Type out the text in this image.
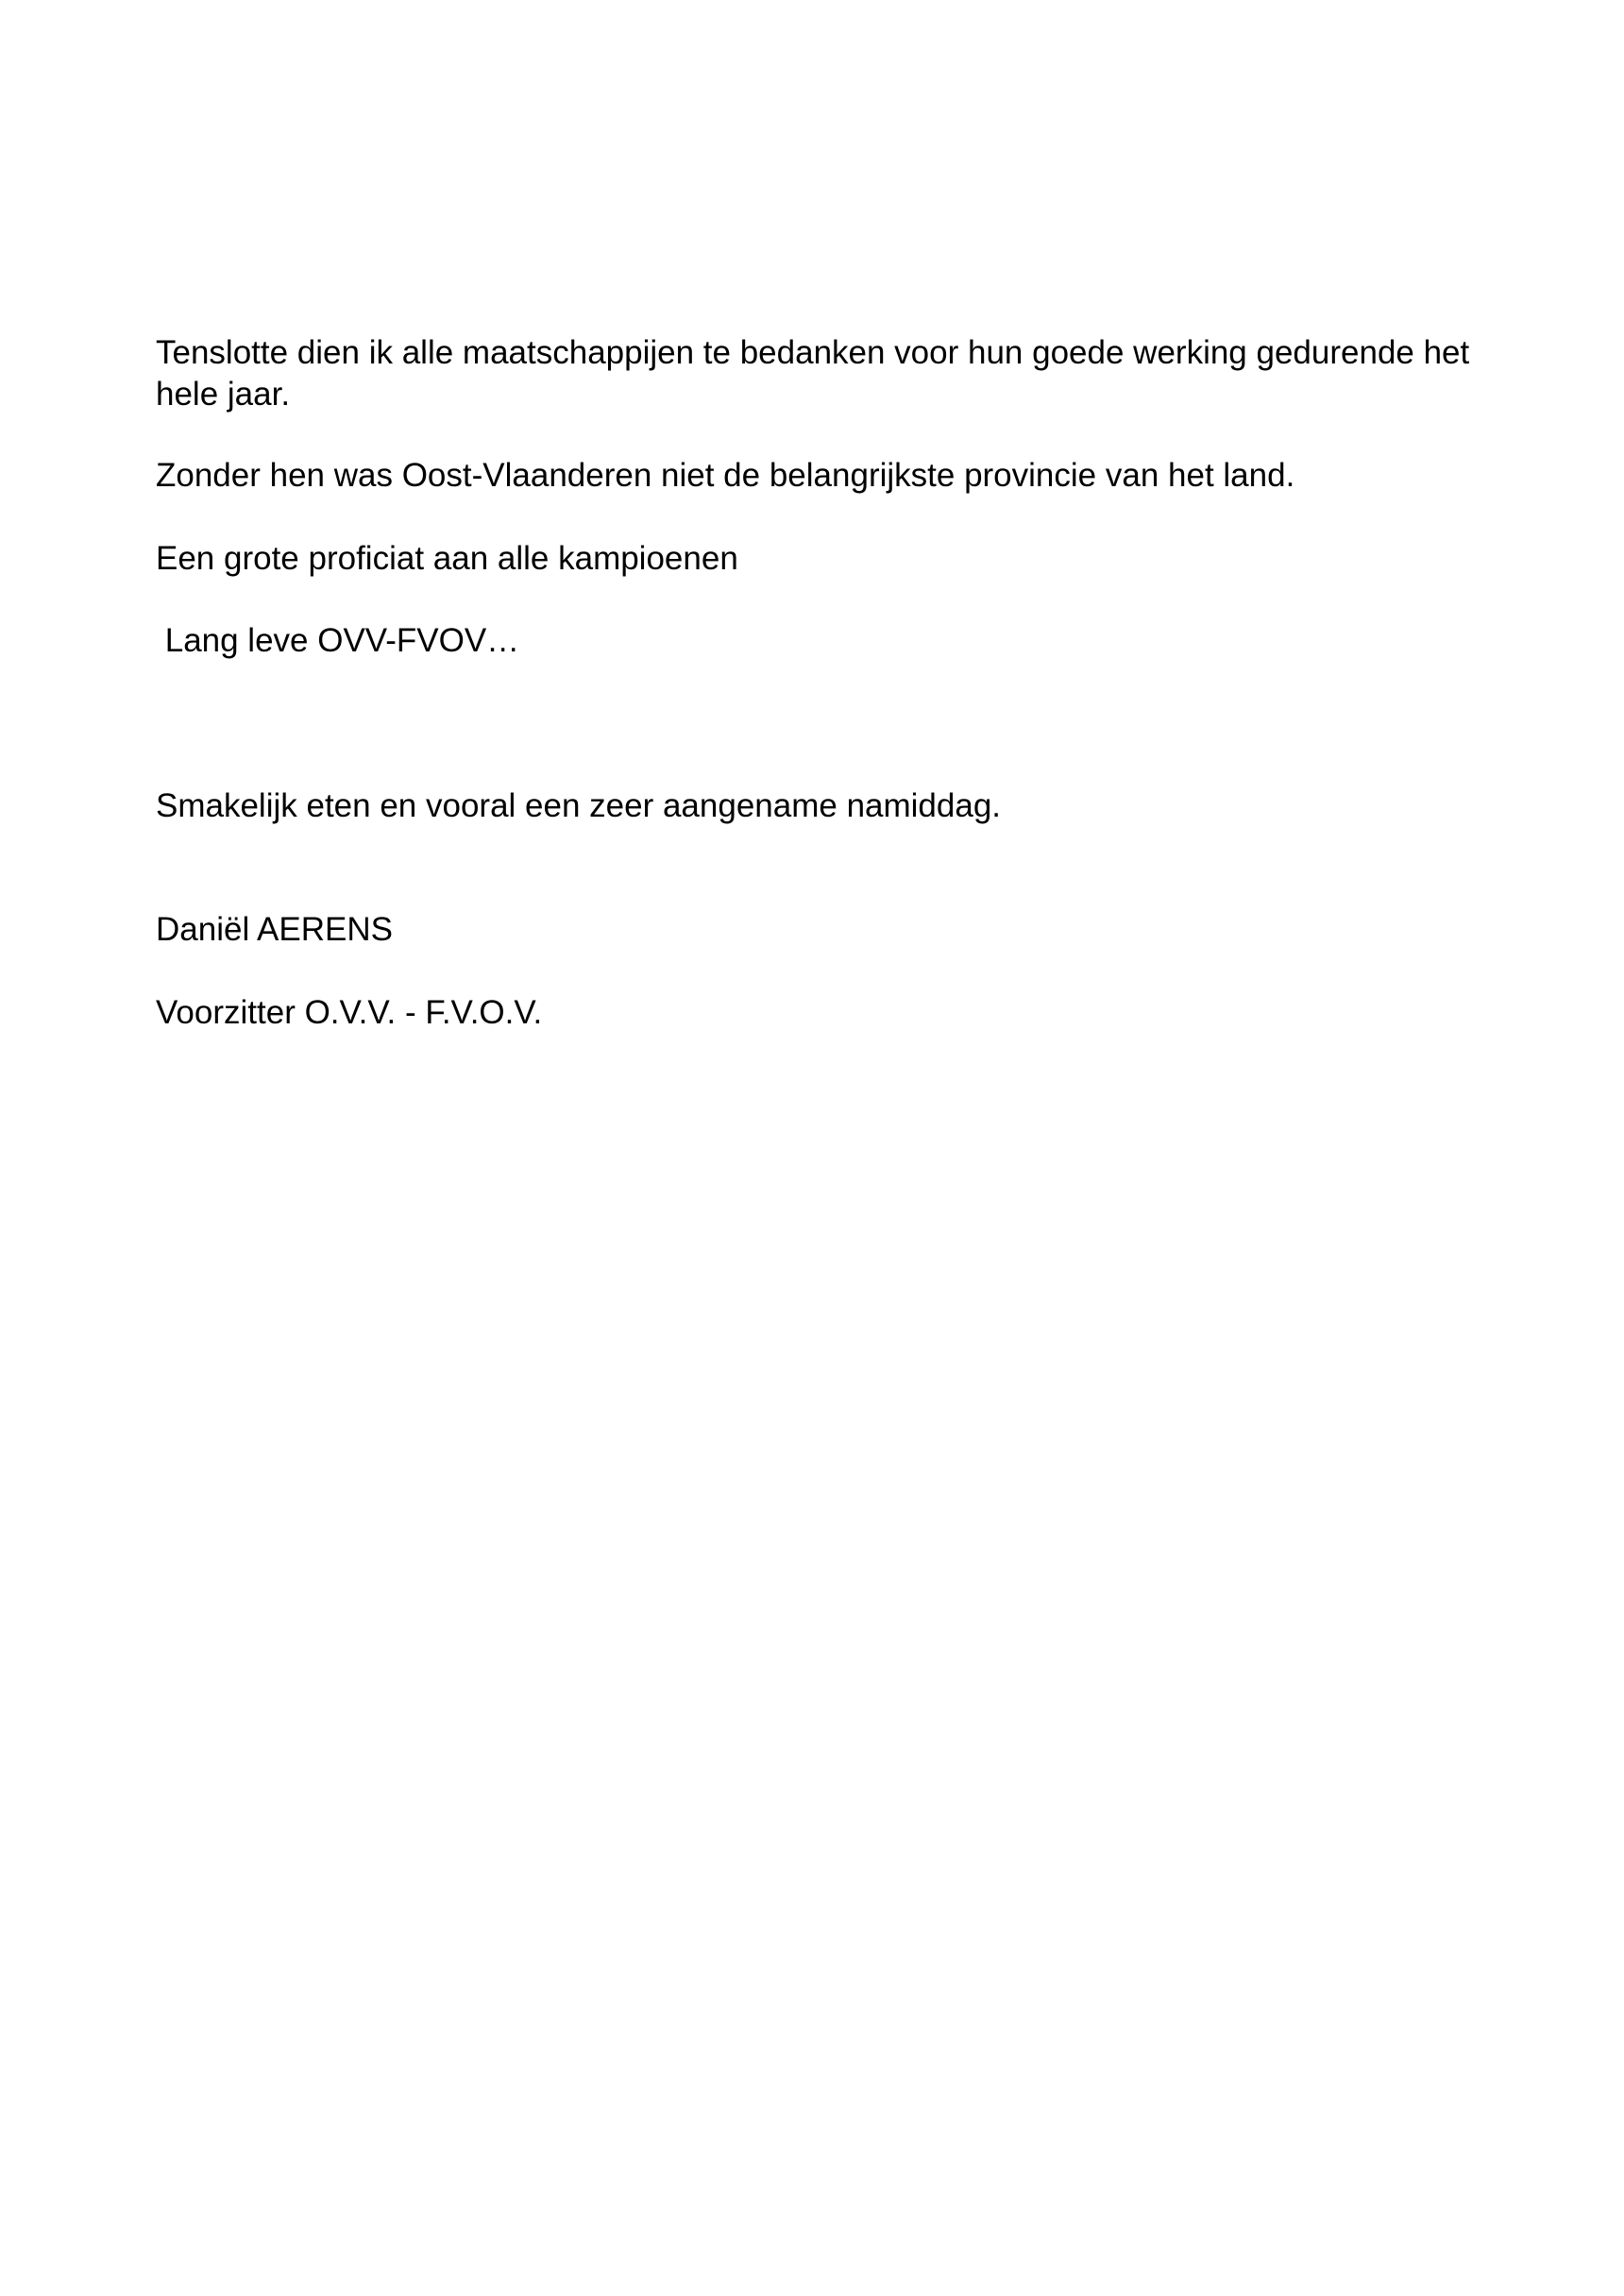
Tenslotte dien ik alle maatschappijen te bedanken voor hun goede werking gedurende het hele jaar.

Zonder hen was Oost-Vlaanderen niet de belangrijkste provincie van het land.

Een grote proficiat aan alle kampioenen

Lang leve OVV-FVOV…

Smakelijk eten en vooral een zeer aangename namiddag.

Daniël AERENS

Voorzitter O.V.V. - F.V.O.V.
